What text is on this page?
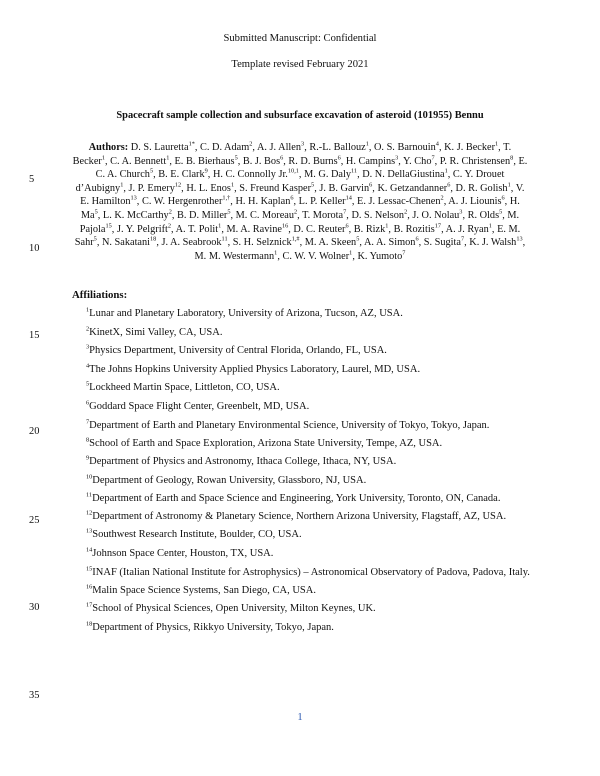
Submitted Manuscript: Confidential
Template revised February 2021
Spacecraft sample collection and subsurface excavation of asteroid (101955) Bennu
Authors: D. S. Lauretta$^{1*}$, C. D. Adam$^2$, A. J. Allen$^3$, R.-L. Ballouz$^1$, O. S. Barnouin$^4$, K. J. Becker$^1$, T. Becker$^1$, C. A. Bennett$^1$, E. B. Bierhaus$^5$, B. J. Bos$^6$, R. D. Burns$^6$, H. Campins$^3$, Y. Cho$^7$, P. R. Christensen$^8$, E. C. A. Church$^5$, B. E. Clark$^9$, H. C. Connolly Jr.$^{10,1}$, M. G. Daly$^{11}$, D. N. DellaGiustina$^1$, C. Y. Drouet d’Aubigny$^1$, J. P. Emery$^{12}$, H. L. Enos$^1$, S. Freund Kasper$^5$, J. B. Garvin$^6$, K. Getzandanner$^6$, D. R. Golish$^1$, V. E. Hamilton$^{13}$, C. W. Hergenrother$^{1,\dagger}$, H. H. Kaplan$^6$, L. P. Keller$^{14}$, E. J. Lessac-Chenen$^2$, A. J. Liounis$^6$, H. Ma$^5$, L. K. McCarthy$^2$, B. D. Miller$^5$, M. C. Moreau$^2$, T. Morota$^7$, D. S. Nelson$^2$, J. O. Nolau$^3$, R. Olds$^5$, M. Pajola$^{15}$, J. Y. Pelgrift$^2$, A. T. Polit$^1$, M. A. Ravine$^{16}$, D. C. Reuter$^6$, B. Rizk$^1$, B. Rozitis$^{17}$, A. J. Ryan$^1$, E. M. Sahr$^5$, N. Sakatani$^{18}$, J. A. Seabrook$^{11}$, S. H. Selznick$^{1,\#}$, M. A. Skeen$^5$, A. A. Simon$^6$, S. Sugita$^7$, K. J. Walsh$^{13}$, M. M. Westermann$^1$, C. W. V. Wolner$^1$, K. Yumoto$^7$
Affiliations:
$^1$Lunar and Planetary Laboratory, University of Arizona, Tucson, AZ, USA.
$^2$KinetX, Simi Valley, CA, USA.
$^3$Physics Department, University of Central Florida, Orlando, FL, USA.
$^4$The Johns Hopkins University Applied Physics Laboratory, Laurel, MD, USA.
$^5$Lockheed Martin Space, Littleton, CO, USA.
$^6$Goddard Space Flight Center, Greenbelt, MD, USA.
$^7$Department of Earth and Planetary Environmental Science, University of Tokyo, Tokyo, Japan.
$^8$School of Earth and Space Exploration, Arizona State University, Tempe, AZ, USA.
$^9$Department of Physics and Astronomy, Ithaca College, Ithaca, NY, USA.
$^{10}$Department of Geology, Rowan University, Glassboro, NJ, USA.
$^{11}$Department of Earth and Space Science and Engineering, York University, Toronto, ON, Canada.
$^{12}$Department of Astronomy & Planetary Science, Northern Arizona University, Flagstaff, AZ, USA.
$^{13}$Southwest Research Institute, Boulder, CO, USA.
$^{14}$Johnson Space Center, Houston, TX, USA.
$^{15}$INAF (Italian National Institute for Astrophysics) – Astronomical Observatory of Padova, Padova, Italy.
$^{16}$Malin Space Science Systems, San Diego, CA, USA.
$^{17}$School of Physical Sciences, Open University, Milton Keynes, UK.
$^{18}$Department of Physics, Rikkyo University, Tokyo, Japan.
5
10
15
20
25
30
35
1
